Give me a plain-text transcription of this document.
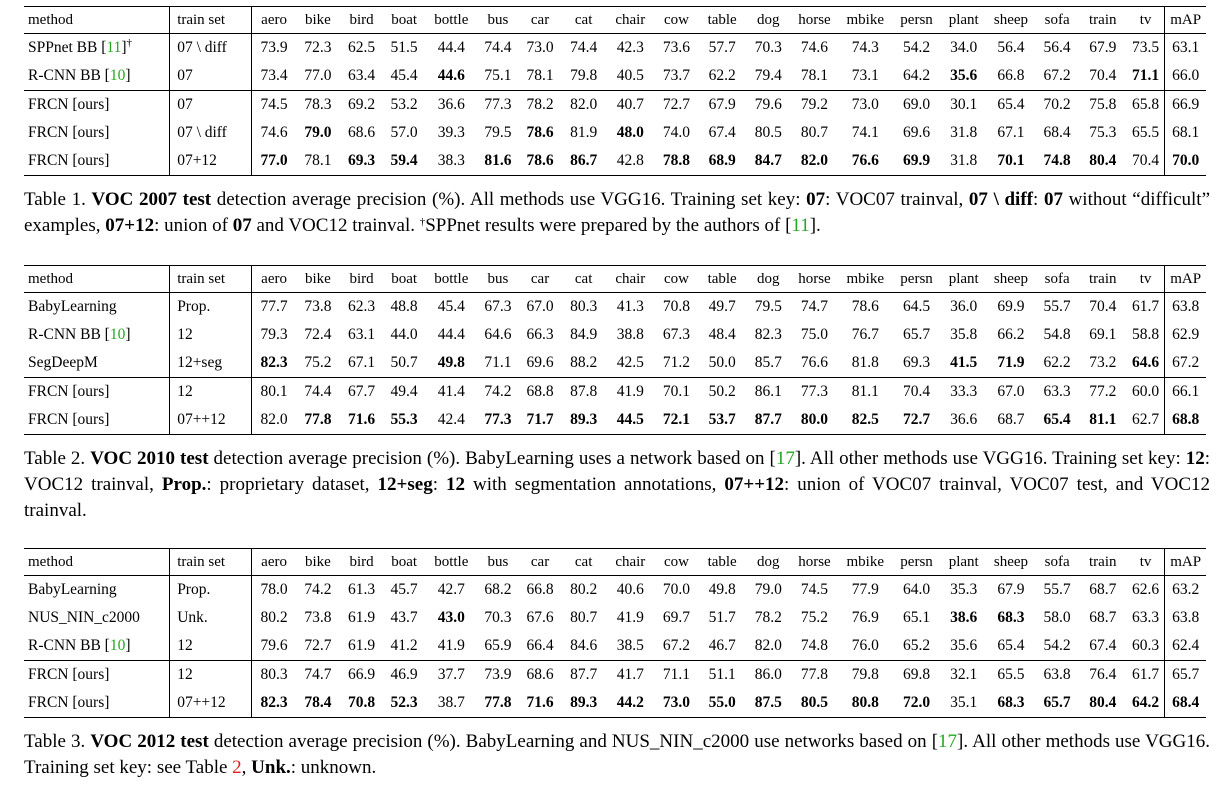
method	train set	aero	bike	bird	boat	bottle	bus	car	cat	chair	cow	table	dog	horse	mbike	persn	plant	sheep	sofa	train	tv	mAP
SPPnet BB [11]†	07 \ diff	73.9	72.3	62.5	51.5	44.4	74.4	73.0	74.4	42.3	73.6	57.7	70.3	74.6	74.3	54.2	34.0	56.4	56.4	67.9	73.5	63.1
R-CNN BB [10]	07	73.4	77.0	63.4	45.4	44.6	75.1	78.1	79.8	40.5	73.7	62.2	79.4	78.1	73.1	64.2	35.6	66.8	67.2	70.4	71.1	66.0
FRCN [ours]	07	74.5	78.3	69.2	53.2	36.6	77.3	78.2	82.0	40.7	72.7	67.9	79.6	79.2	73.0	69.0	30.1	65.4	70.2	75.8	65.8	66.9
FRCN [ours]	07 \ diff	74.6	79.0	68.6	57.0	39.3	79.5	78.6	81.9	48.0	74.0	67.4	80.5	80.7	74.1	69.6	31.8	67.1	68.4	75.3	65.5	68.1
FRCN [ours]	07+12	77.0	78.1	69.3	59.4	38.3	81.6	78.6	86.7	42.8	78.8	68.9	84.7	82.0	76.6	69.9	31.8	70.1	74.8	80.4	70.4	70.0
Table 1. VOC 2007 test detection average precision (%). All methods use VGG16. Training set key: 07: VOC07 trainval, 07 \ diff: 07 without “difficult” examples, 07+12: union of 07 and VOC12 trainval. †SPPnet results were prepared by the authors of [11].
method	train set	aero	bike	bird	boat	bottle	bus	car	cat	chair	cow	table	dog	horse	mbike	persn	plant	sheep	sofa	train	tv	mAP
BabyLearning	Prop.	77.7	73.8	62.3	48.8	45.4	67.3	67.0	80.3	41.3	70.8	49.7	79.5	74.7	78.6	64.5	36.0	69.9	55.7	70.4	61.7	63.8
R-CNN BB [10]	12	79.3	72.4	63.1	44.0	44.4	64.6	66.3	84.9	38.8	67.3	48.4	82.3	75.0	76.7	65.7	35.8	66.2	54.8	69.1	58.8	62.9
SegDeepM	12+seg	82.3	75.2	67.1	50.7	49.8	71.1	69.6	88.2	42.5	71.2	50.0	85.7	76.6	81.8	69.3	41.5	71.9	62.2	73.2	64.6	67.2
FRCN [ours]	12	80.1	74.4	67.7	49.4	41.4	74.2	68.8	87.8	41.9	70.1	50.2	86.1	77.3	81.1	70.4	33.3	67.0	63.3	77.2	60.0	66.1
FRCN [ours]	07++12	82.0	77.8	71.6	55.3	42.4	77.3	71.7	89.3	44.5	72.1	53.7	87.7	80.0	82.5	72.7	36.6	68.7	65.4	81.1	62.7	68.8
Table 2. VOC 2010 test detection average precision (%). BabyLearning uses a network based on [17]. All other methods use VGG16. Training set key: 12: VOC12 trainval, Prop.: proprietary dataset, 12+seg: 12 with segmentation annotations, 07++12: union of VOC07 trainval, VOC07 test, and VOC12 trainval.
method	train set	aero	bike	bird	boat	bottle	bus	car	cat	chair	cow	table	dog	horse	mbike	persn	plant	sheep	sofa	train	tv	mAP
BabyLearning	Prop.	78.0	74.2	61.3	45.7	42.7	68.2	66.8	80.2	40.6	70.0	49.8	79.0	74.5	77.9	64.0	35.3	67.9	55.7	68.7	62.6	63.2
NUS_NIN_c2000	Unk.	80.2	73.8	61.9	43.7	43.0	70.3	67.6	80.7	41.9	69.7	51.7	78.2	75.2	76.9	65.1	38.6	68.3	58.0	68.7	63.3	63.8
R-CNN BB [10]	12	79.6	72.7	61.9	41.2	41.9	65.9	66.4	84.6	38.5	67.2	46.7	82.0	74.8	76.0	65.2	35.6	65.4	54.2	67.4	60.3	62.4
FRCN [ours]	12	80.3	74.7	66.9	46.9	37.7	73.9	68.6	87.7	41.7	71.1	51.1	86.0	77.8	79.8	69.8	32.1	65.5	63.8	76.4	61.7	65.7
FRCN [ours]	07++12	82.3	78.4	70.8	52.3	38.7	77.8	71.6	89.3	44.2	73.0	55.0	87.5	80.5	80.8	72.0	35.1	68.3	65.7	80.4	64.2	68.4
Table 3. VOC 2012 test detection average precision (%). BabyLearning and NUS_NIN_c2000 use networks based on [17]. All other methods use VGG16. Training set key: see Table 2, Unk.: unknown.
